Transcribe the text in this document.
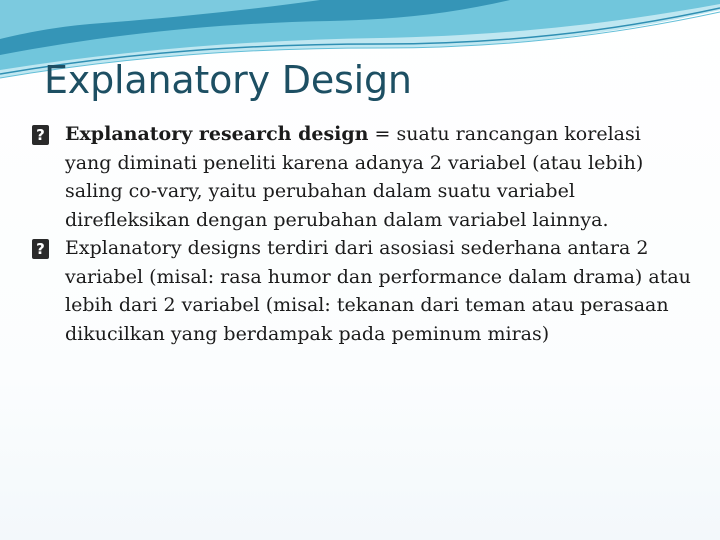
Explanatory Design

? Explanatory research design = suatu rancangan korelasi yang diminati peneliti karena adanya 2 variabel (atau lebih) saling co-vary, yaitu perubahan dalam suatu variabel direfleksikan dengan perubahan dalam variabel lainnya.

? Explanatory designs terdiri dari asosiasi sederhana antara 2 variabel (misal: rasa humor dan performance dalam drama) atau lebih dari 2 variabel (misal: tekanan dari teman atau perasaan dikucilkan yang berdampak pada peminum miras)
